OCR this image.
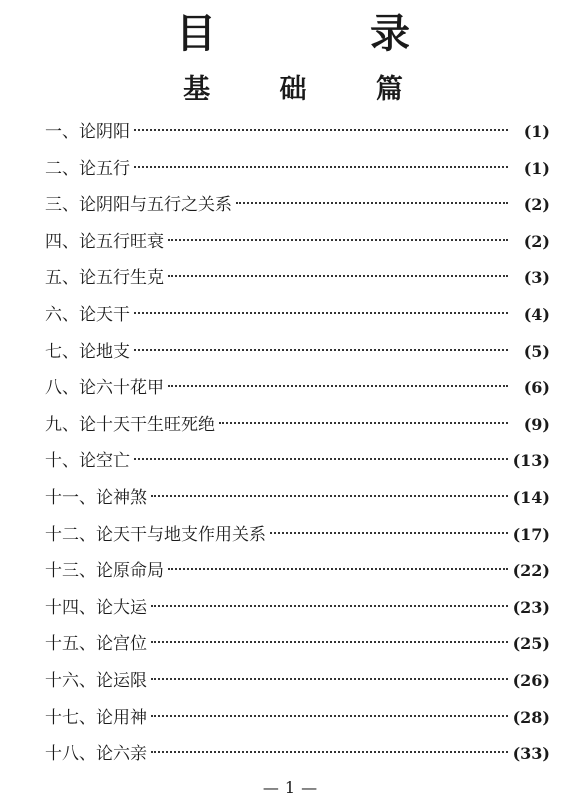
目 录
基 础 篇
一、论阴阳	(1)
二、论五行	(1)
三、论阴阳与五行之关系	(2)
四、论五行旺衰	(2)
五、论五行生克	(3)
六、论天干	(4)
七、论地支	(5)
八、论六十花甲	(6)
九、论十天干生旺死绝	(9)
十、论空亡	(13)
十一、论神煞	(14)
十二、论天干与地支作用关系	(17)
十三、论原命局	(22)
十四、论大运	(23)
十五、论宫位	(25)
十六、论运限	(26)
十七、论用神	(28)
十八、论六亲	(33)
—1—
